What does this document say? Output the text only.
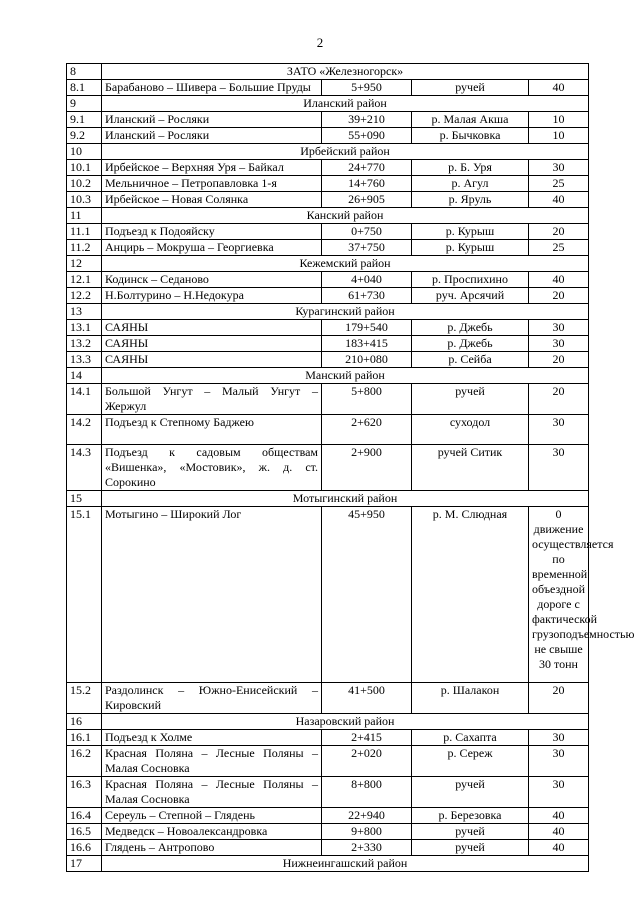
2
8	ЗАТО «Железногорск»			
8.1	Барабаново – Шивера – Большие Пруды	5+950	ручей	40
9	Иланский район			
9.1	Иланский – Росляки	39+210	р. Малая Акша	10
9.2	Иланский – Росляки	55+090	р. Бычковка	10
10	Ирбейский район			
10.1	Ирбейское – Верхняя Уря – Байкал	24+770	р. Б. Уря	30
10.2	Мельничное – Петропавловка 1-я	14+760	р. Агул	25
10.3	Ирбейское – Новая Солянка	26+905	р. Яруль	40
11	Канский район			
11.1	Подъезд к Подояйску	0+750	р. Курыш	20
11.2	Анцирь – Мокруша – Георгиевка	37+750	р. Курыш	25
12	Кежемский район			
12.1	Кодинск – Седаново	4+040	р. Проспихино	40
12.2	Н.Болтурино – Н.Недокура	61+730	руч. Арсячий	20
13	Курагинский район			
13.1	САЯНЫ	179+540	р. Джебь	30
13.2	САЯНЫ	183+415	р. Джебь	30
13.3	САЯНЫ	210+080	р. Сейба	20
14	Манский район			
14.1	Большой Унгут – Малый Унгут – Жержул	5+800	ручей	20
14.2	Подъезд к Степному Баджею	2+620	суходол	30
14.3	Подъезд к садовым обществам «Вишенка», «Мостовик», ж. д. ст. Сорокино	2+900	ручей Ситик	30
15	Мотыгинский район			
15.1	Мотыгино – Широкий Лог	45+950	р. М. Слюдная	0 движение осуществляется по временной объездной дороге с фактической грузоподъемностью не свыше 30 тонн
15.2	Раздолинск – Южно-Енисейский – Кировский	41+500	р. Шалакон	20
16	Назаровский район			
16.1	Подъезд к Холме	2+415	р. Сахапта	30
16.2	Красная Поляна – Лесные Поляны – Малая Сосновка	2+020	р. Сереж	30
16.3	Красная Поляна – Лесные Поляны – Малая Сосновка	8+800	ручей	30
16.4	Сереуль – Степной – Глядень	22+940	р. Березовка	40
16.5	Медведск – Новоалександровка	9+800	ручей	40
16.6	Глядень – Антропово	2+330	ручей	40
17	Нижнеингашский район			
